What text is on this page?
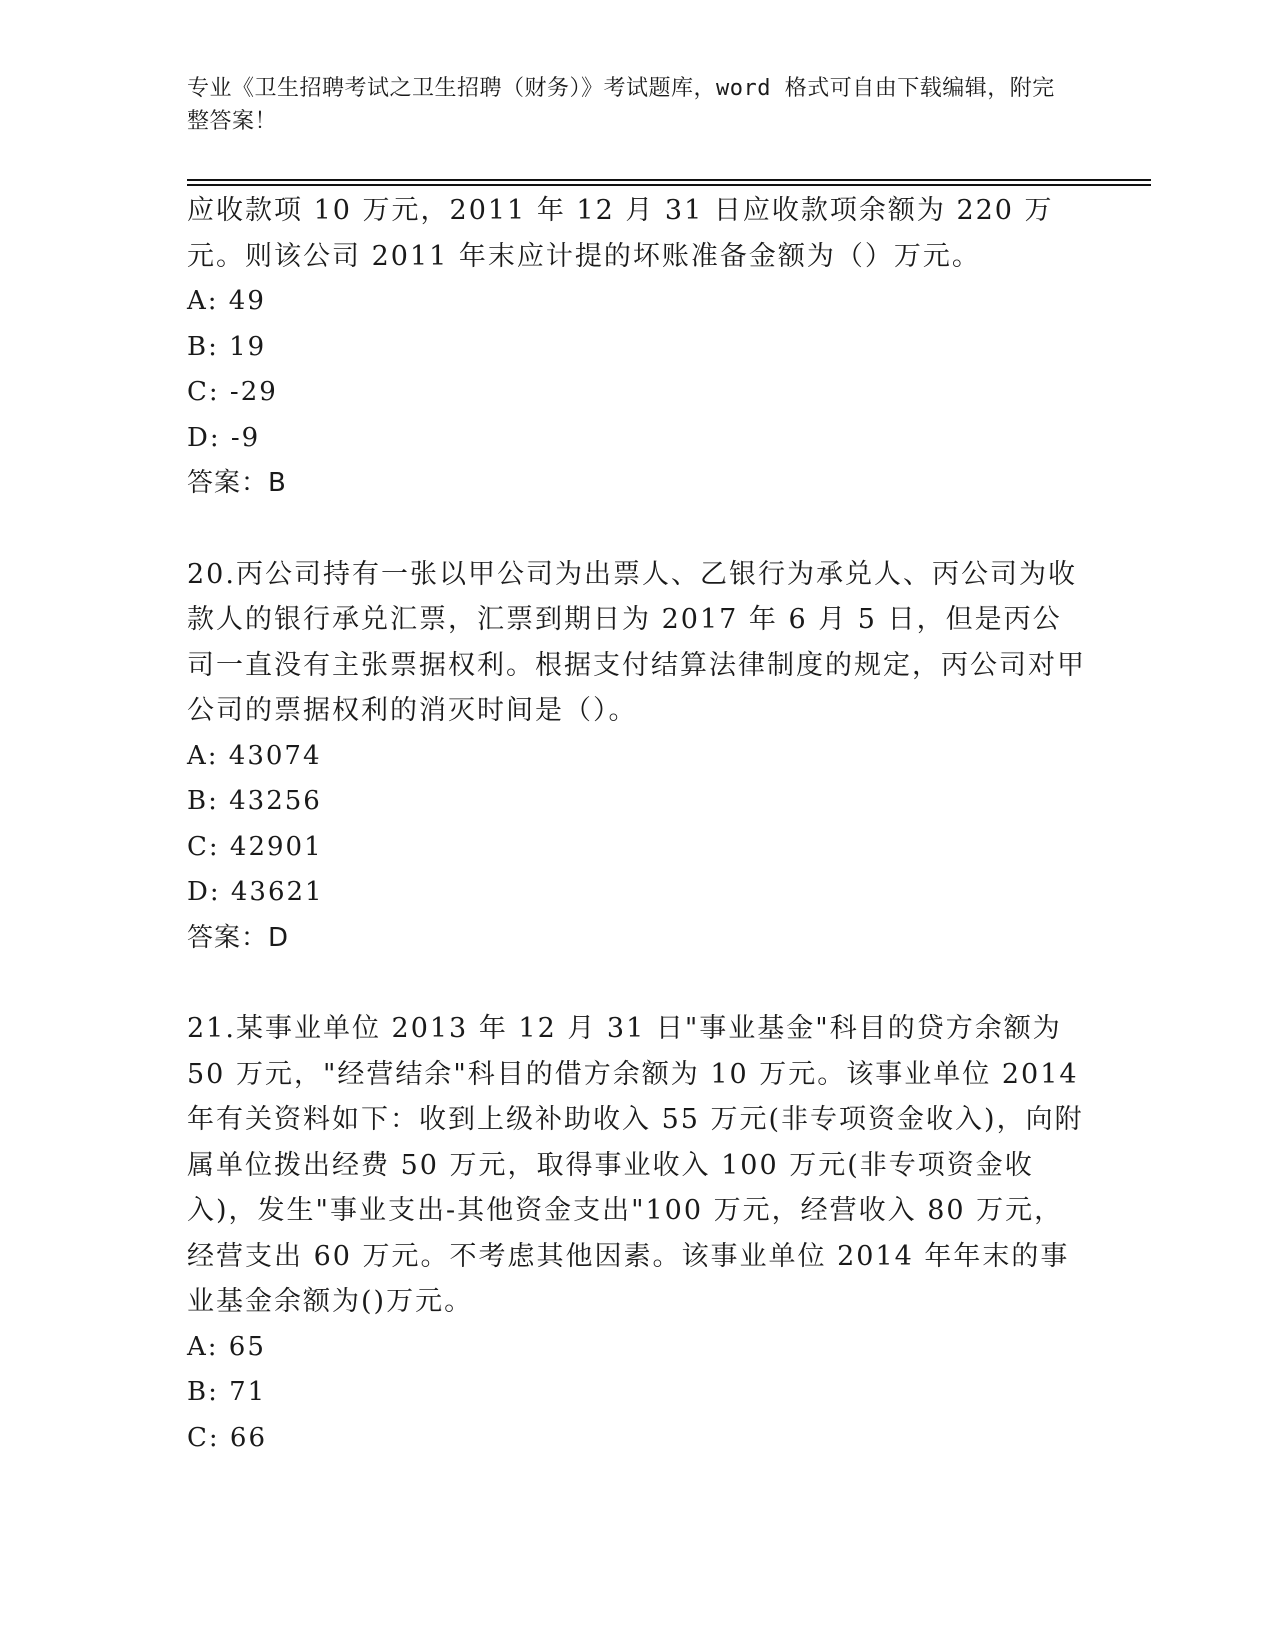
专业《卫生招聘考试之卫生招聘（财务）》考试题库，word 格式可自由下载编辑，附完整答案！

应收款项 10 万元，2011 年 12 月 31 日应收款项余额为 220 万元。则该公司 2011 年末应计提的坏账准备金额为（）万元。

A: 49

B: 19

C: -29

D: -9

答案：B

20.丙公司持有一张以甲公司为出票人、乙银行为承兑人、丙公司为收款人的银行承兑汇票，汇票到期日为 2017 年 6 月 5 日，但是丙公司一直没有主张票据权利。根据支付结算法律制度的规定，丙公司对甲公司的票据权利的消灭时间是（）。

A: 43074

B: 43256

C: 42901

D: 43621

答案：D

21.某事业单位 2013 年 12 月 31 日"事业基金"科目的贷方余额为 50 万元，"经营结余"科目的借方余额为 10 万元。该事业单位 2014 年有关资料如下：收到上级补助收入 55 万元(非专项资金收入)，向附属单位拨出经费 50 万元，取得事业收入 100 万元(非专项资金收入)，发生"事业支出-其他资金支出"100 万元，经营收入 80 万元，经营支出 60 万元。不考虑其他因素。该事业单位 2014 年年末的事业基金余额为()万元。

A: 65

B: 71

C: 66
